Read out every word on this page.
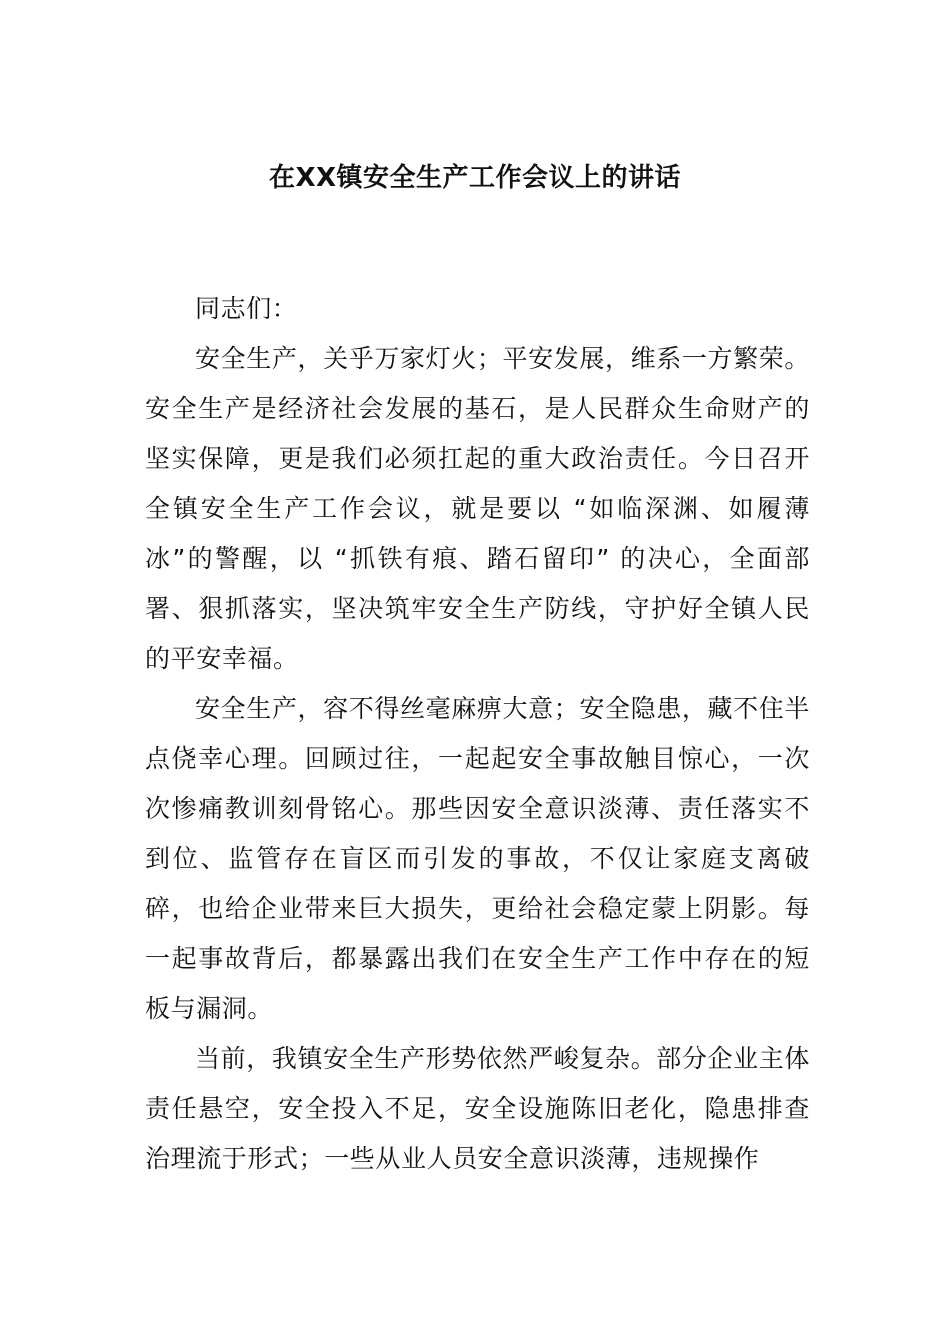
在XX镇安全生产工作会议上的讲话

同志们：

安全生产，关乎万家灯火；平安发展，维系一方繁荣。安全生产是经济社会发展的基石，是人民群众生命财产的坚实保障，更是我们必须扛起的重大政治责任。今日召开全镇安全生产工作会议，就是要以 “如临深渊、如履薄冰”的警醒，以 “抓铁有痕、踏石留印” 的决心，全面部署、狠抓落实，坚决筑牢安全生产防线，守护好全镇人民的平安幸福。

安全生产，容不得丝毫麻痹大意；安全隐患，藏不住半点侥幸心理。回顾过往，一起起安全事故触目惊心，一次次惨痛教训刻骨铭心。那些因安全意识淡薄、责任落实不到位、监管存在盲区而引发的事故，不仅让家庭支离破碎，也给企业带来巨大损失，更给社会稳定蒙上阴影。每一起事故背后，都暴露出我们在安全生产工作中存在的短板与漏洞。

当前，我镇安全生产形势依然严峻复杂。部分企业主体责任悬空，安全投入不足，安全设施陈旧老化，隐患排查治理流于形式；一些从业人员安全意识淡薄，违规操作
